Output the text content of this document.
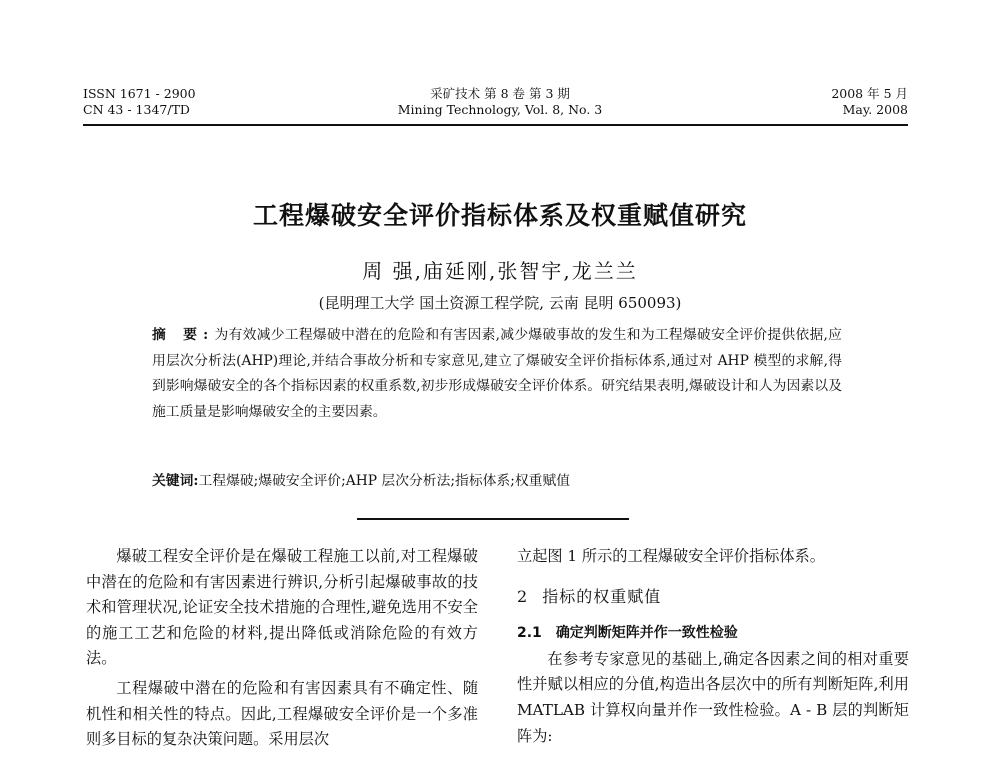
ISSN 1671 - 2900
CN 43 - 1347/TD
采矿技术 第 8 卷 第 3 期
Mining Technology, Vol. 8, No. 3
2008 年 5 月
May. 2008
工程爆破安全评价指标体系及权重赋值研究
周 强,庙延刚,张智宇,龙兰兰
(昆明理工大学 国土资源工程学院, 云南 昆明 650093)
摘 要:为有效减少工程爆破中潜在的危险和有害因素,减少爆破事故的发生和为工程爆破安全评价提供依据,应用层次分析法(AHP)理论,并结合事故分析和专家意见,建立了爆破安全评价指标体系,通过对 AHP 模型的求解,得到影响爆破安全的各个指标因素的权重系数,初步形成爆破安全评价体系。研究结果表明,爆破设计和人为因素以及施工质量是影响爆破安全的主要因素。
关键词:工程爆破;爆破安全评价;AHP 层次分析法;指标体系;权重赋值

爆破工程安全评价是在爆破工程施工以前,对工程爆破中潜在的危险和有害因素进行辨识,分析引起爆破事故的技术和管理状况,论证安全技术措施的合理性,避免选用不安全的施工工艺和危险的材料,提出降低或消除危险的有效方法。

工程爆破中潜在的危险和有害因素具有不确定性、随机性和相关性的特点。因此,工程爆破安全评价是一个多准则多目标的复杂决策问题。采用层次

立起图 1 所示的工程爆破安全评价指标体系。

2 指标的权重赋值
2.1 确定判断矩阵并作一致性检验

在参考专家意见的基础上,确定各因素之间的相对重要性并赋以相应的分值,构造出各层次中的所有判断矩阵,利用 MATLAB 计算权向量并作一致性检验。A - B 层的判断矩阵为:
